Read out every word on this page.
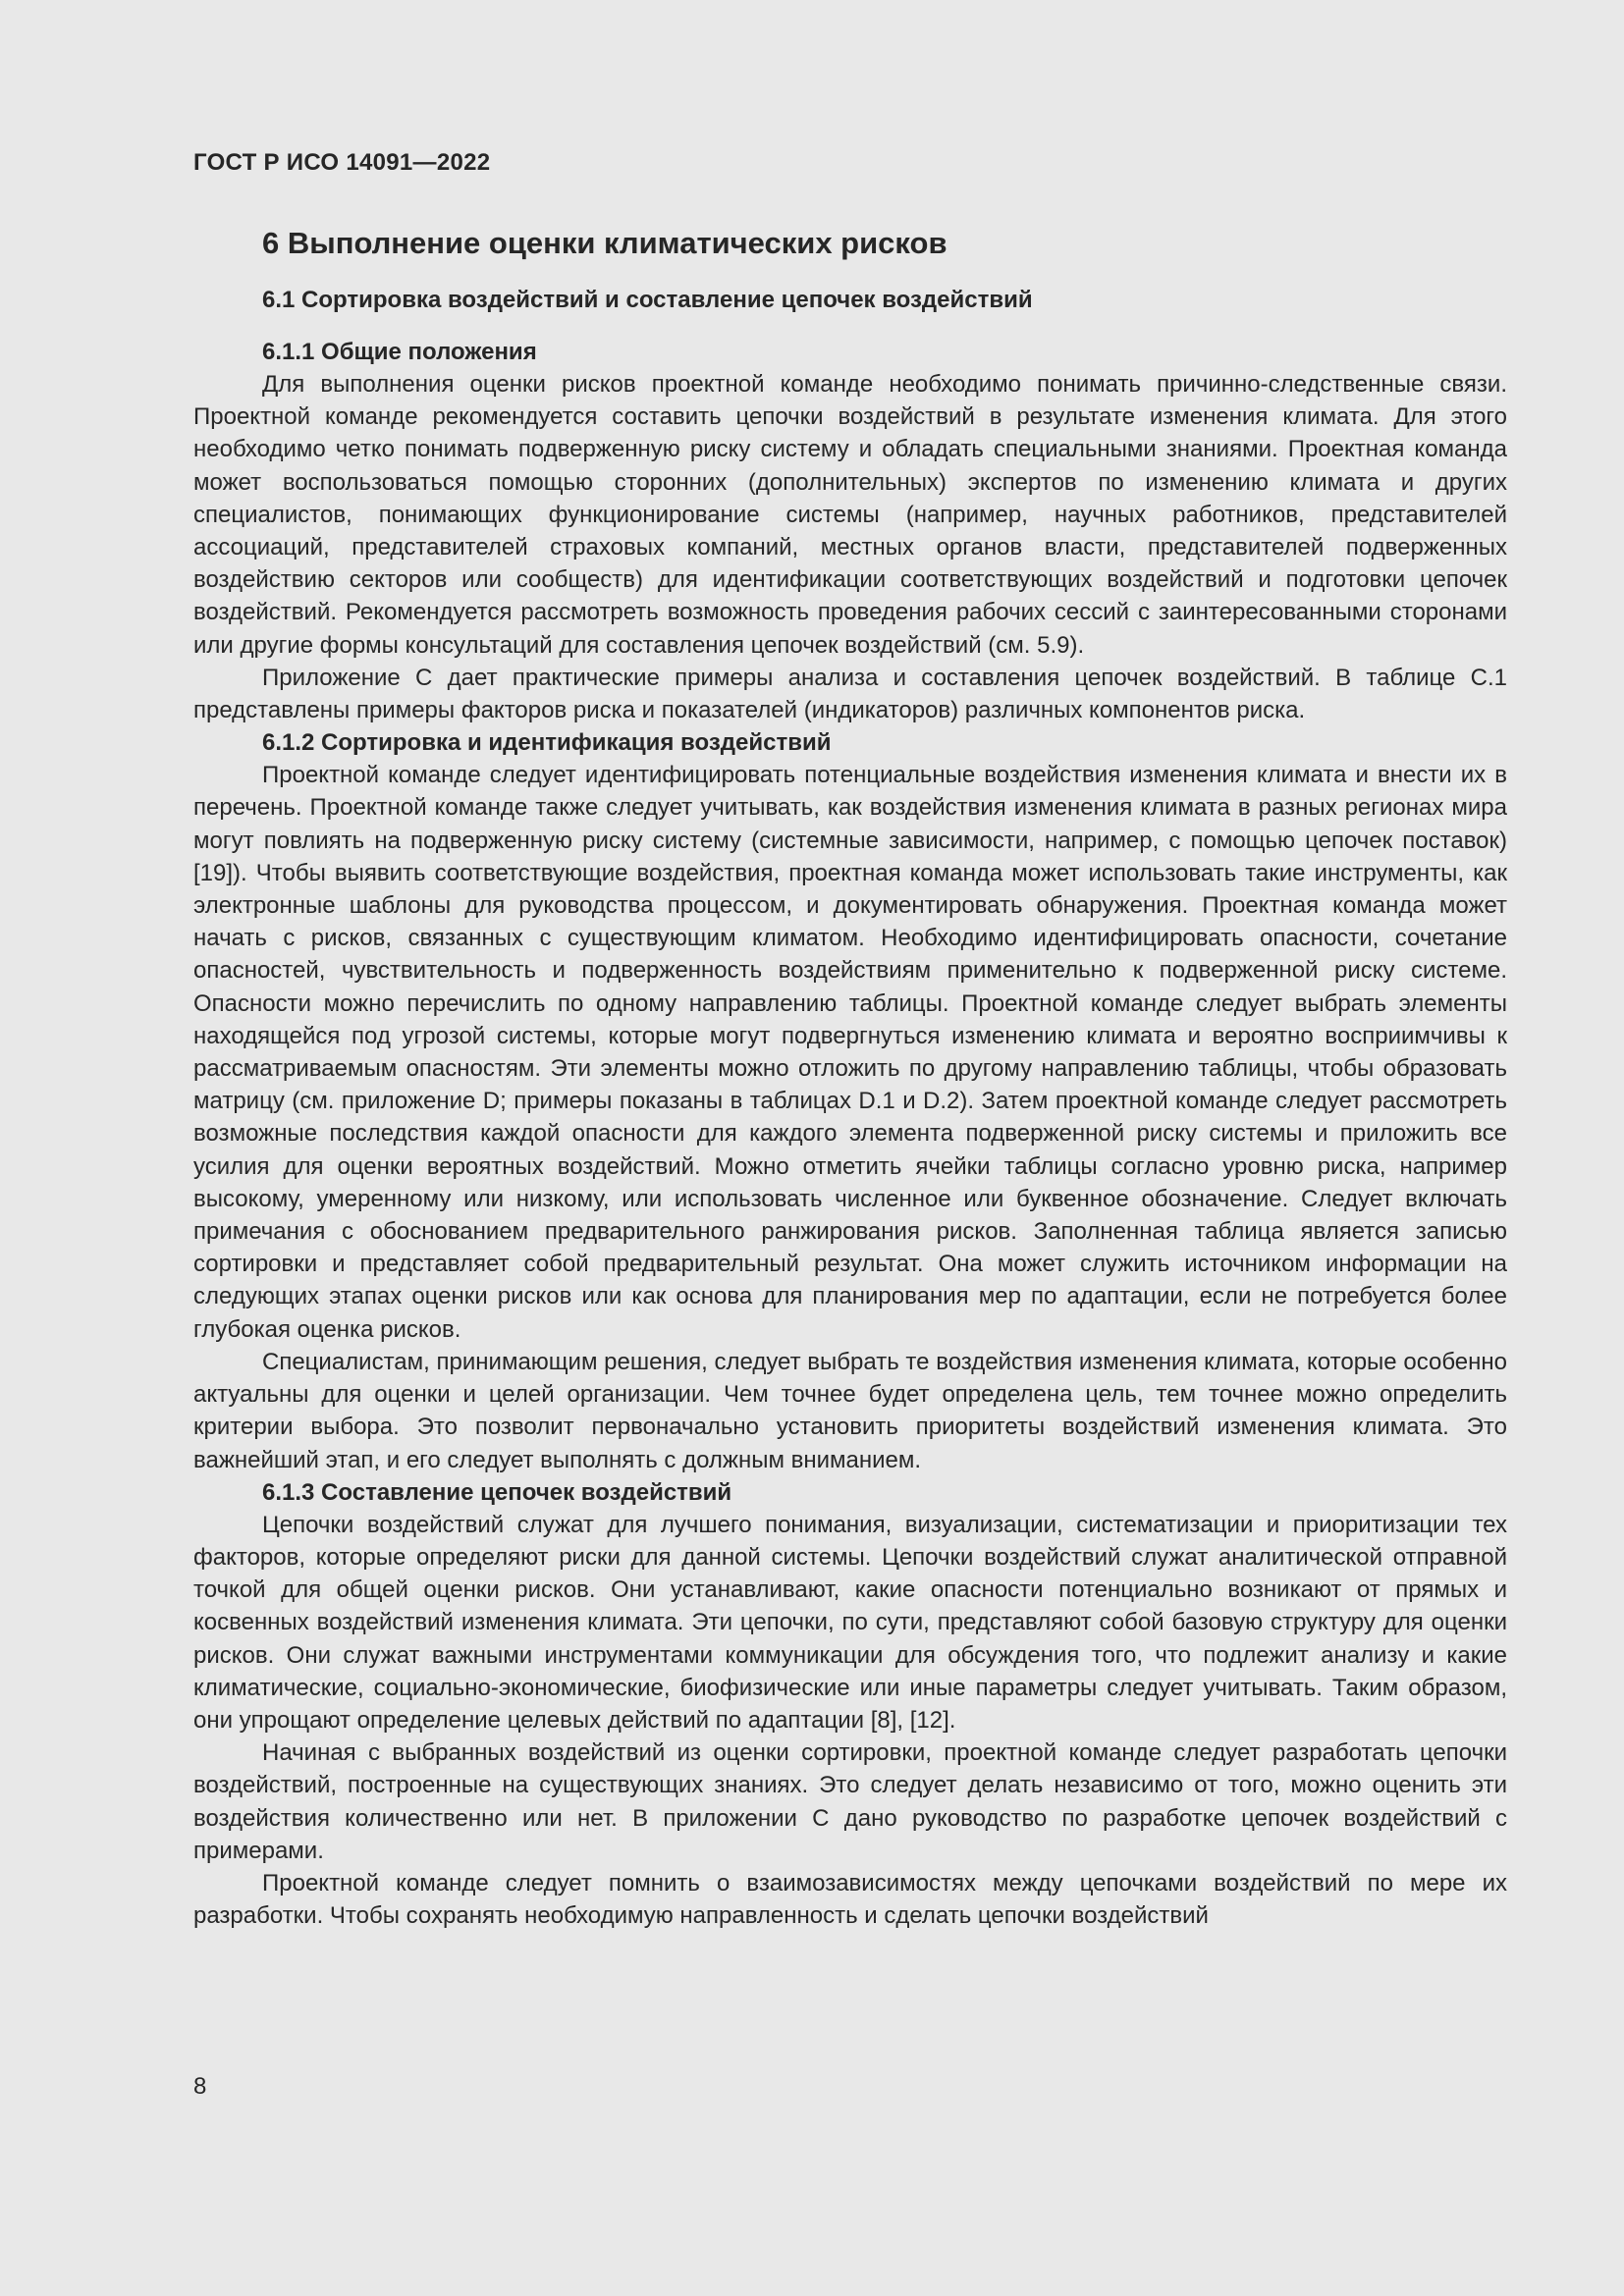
ГОСТ Р ИСО 14091—2022
6 Выполнение оценки климатических рисков
6.1 Сортировка воздействий и составление цепочек воздействий
6.1.1 Общие положения

Для выполнения оценки рисков проектной команде необходимо понимать причинно-следственные связи. Проектной команде рекомендуется составить цепочки воздействий в результате изменения климата. Для этого необходимо четко понимать подверженную риску систему и обладать специальными знаниями. Проектная команда может воспользоваться помощью сторонних (дополнительных) экспертов по изменению климата и других специалистов, понимающих функционирование системы (например, научных работников, представителей ассоциаций, представителей страховых компаний, местных органов власти, представителей подверженных воздействию секторов или сообществ) для идентификации соответствующих воздействий и подготовки цепочек воздействий. Рекомендуется рассмотреть возможность проведения рабочих сессий с заинтересованными сторонами или другие формы консультаций для составления цепочек воздействий (см. 5.9).

Приложение С дает практические примеры анализа и составления цепочек воздействий. В таблице С.1 представлены примеры факторов риска и показателей (индикаторов) различных компонентов риска.

6.1.2 Сортировка и идентификация воздействий

Проектной команде следует идентифицировать потенциальные воздействия изменения климата и внести их в перечень. Проектной команде также следует учитывать, как воздействия изменения климата в разных регионах мира могут повлиять на подверженную риску систему (системные зависимости, например, с помощью цепочек поставок) [19]). Чтобы выявить соответствующие воздействия, проектная команда может использовать такие инструменты, как электронные шаблоны для руководства процессом, и документировать обнаружения. Проектная команда может начать с рисков, связанных с существующим климатом. Необходимо идентифицировать опасности, сочетание опасностей, чувствительность и подверженность воздействиям применительно к подверженной риску системе. Опасности можно перечислить по одному направлению таблицы. Проектной команде следует выбрать элементы находящейся под угрозой системы, которые могут подвергнуться изменению климата и вероятно восприимчивы к рассматриваемым опасностям. Эти элементы можно отложить по другому направлению таблицы, чтобы образовать матрицу (см. приложение D; примеры показаны в таблицах D.1 и D.2). Затем проектной команде следует рассмотреть возможные последствия каждой опасности для каждого элемента подверженной риску системы и приложить все усилия для оценки вероятных воздействий. Можно отметить ячейки таблицы согласно уровню риска, например высокому, умеренному или низкому, или использовать численное или буквенное обозначение. Следует включать примечания с обоснованием предварительного ранжирования рисков. Заполненная таблица является записью сортировки и представляет собой предварительный результат. Она может служить источником информации на следующих этапах оценки рисков или как основа для планирования мер по адаптации, если не потребуется более глубокая оценка рисков.

Специалистам, принимающим решения, следует выбрать те воздействия изменения климата, которые особенно актуальны для оценки и целей организации. Чем точнее будет определена цель, тем точнее можно определить критерии выбора. Это позволит первоначально установить приоритеты воздействий изменения климата. Это важнейший этап, и его следует выполнять с должным вниманием.

6.1.3 Составление цепочек воздействий

Цепочки воздействий служат для лучшего понимания, визуализации, систематизации и приоритизации тех факторов, которые определяют риски для данной системы. Цепочки воздействий служат аналитической отправной точкой для общей оценки рисков. Они устанавливают, какие опасности потенциально возникают от прямых и косвенных воздействий изменения климата. Эти цепочки, по сути, представляют собой базовую структуру для оценки рисков. Они служат важными инструментами коммуникации для обсуждения того, что подлежит анализу и какие климатические, социально-экономические, биофизические или иные параметры следует учитывать. Таким образом, они упрощают определение целевых действий по адаптации [8], [12].

Начиная с выбранных воздействий из оценки сортировки, проектной команде следует разработать цепочки воздействий, построенные на существующих знаниях. Это следует делать независимо от того, можно оценить эти воздействия количественно или нет. В приложении С дано руководство по разработке цепочек воздействий с примерами.

Проектной команде следует помнить о взаимозависимостях между цепочками воздействий по мере их разработки. Чтобы сохранять необходимую направленность и сделать цепочки воздействий

8
